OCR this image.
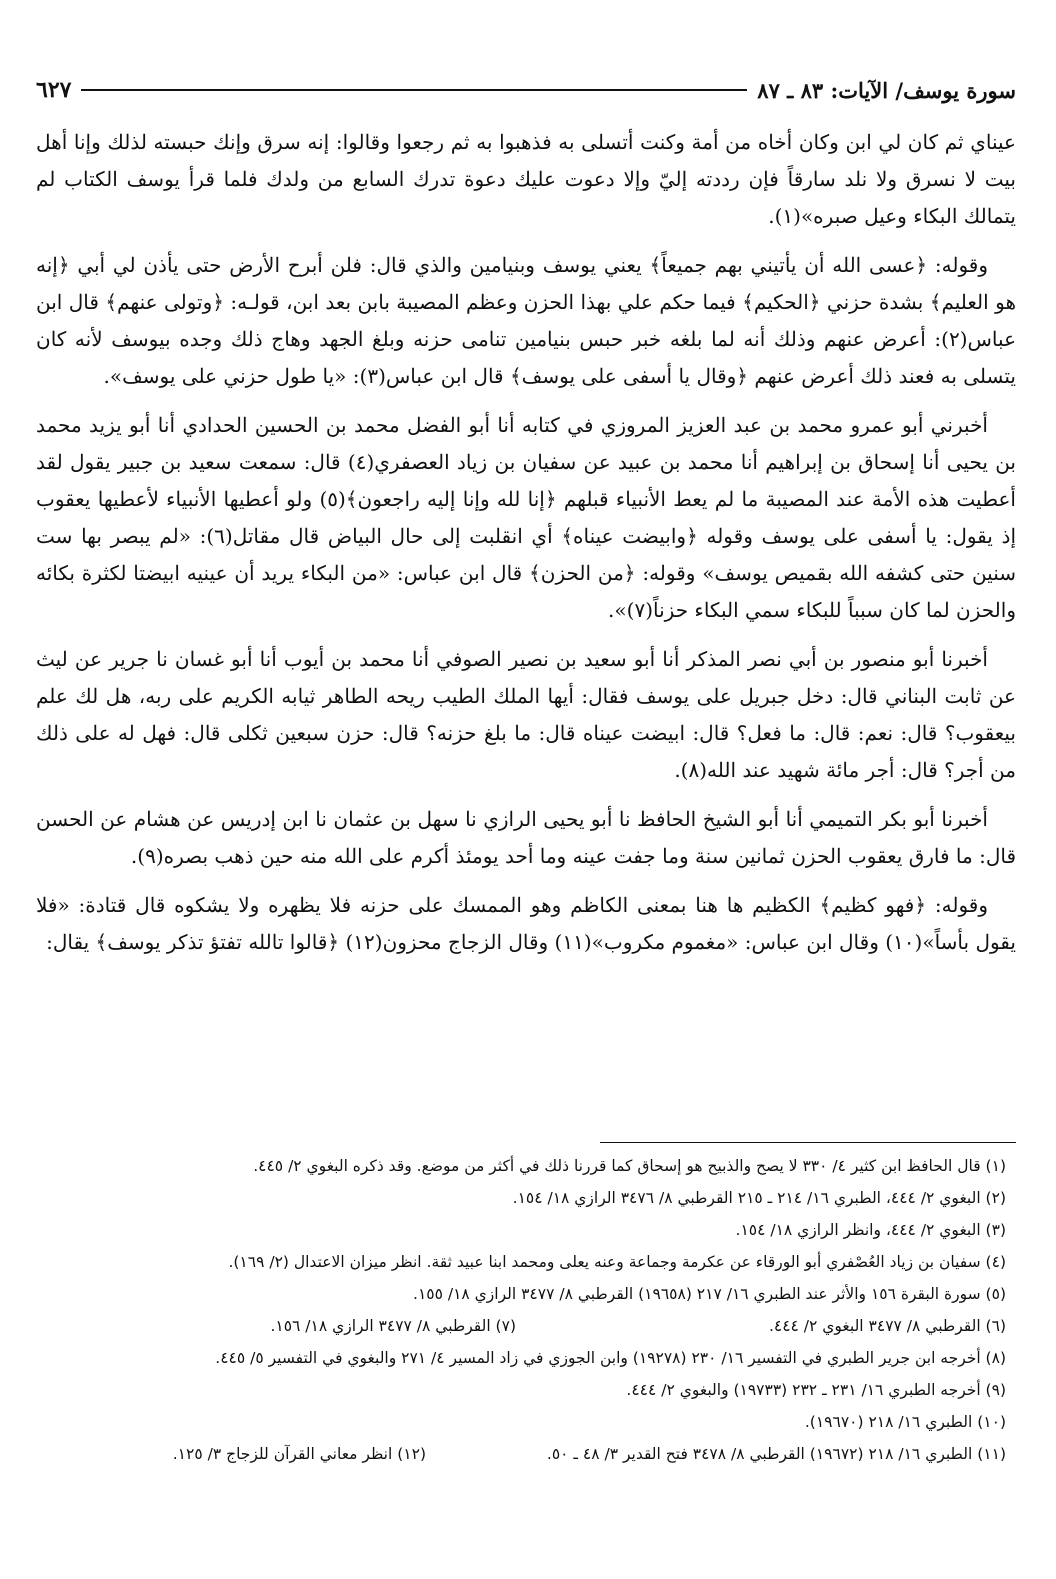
سورة يوسف/ الآيات: ٨٣ ـ ٨٧
٦٢٧

عيناي ثم كان لي ابن وكان أخاه من أمة وكنت أتسلى به فذهبوا به ثم رجعوا وقالوا: إنه سرق وإنك حبسته لذلك وإنا أهل بيت لا نسرق ولا نلد سارقاً فإن رددته إليّ وإلا دعوت عليك دعوة تدرك السابع من ولدك فلما قرأ يوسف الكتاب لم يتمالك البكاء وعيل صبره»(١).

وقوله: ﴿عسى الله أن يأتيني بهم جميعاً﴾ يعني يوسف وبنيامين والذي قال: فلن أبرح الأرض حتى يأذن لي أبي ﴿إنه هو العليم﴾ بشدة حزني ﴿الحكيم﴾ فيما حكم علي بهذا الحزن وعظم المصيبة بابن بعد ابن، قولـه: ﴿وتولى عنهم﴾ قال ابن عباس(٢): أعرض عنهم وذلك أنه لما بلغه خبر حبس بنيامين تنامى حزنه وبلغ الجهد وهاج ذلك وجده بيوسف لأنه كان يتسلى به فعند ذلك أعرض عنهم ﴿وقال يا أسفى على يوسف﴾ قال ابن عباس(٣): «يا طول حزني على يوسف».

أخبرني أبو عمرو محمد بن عبد العزيز المروزي في كتابه أنا أبو الفضل محمد بن الحسين الحدادي أنا أبو يزيد محمد بن يحيى أنا إسحاق بن إبراهيم أنا محمد بن عبيد عن سفيان بن زياد العصفري(٤) قال: سمعت سعيد بن جبير يقول لقد أعطيت هذه الأمة عند المصيبة ما لم يعط الأنبياء قبلهم ﴿إنا لله وإنا إليه راجعون﴾(٥) ولو أعطيها الأنبياء لأعطيها يعقوب إذ يقول: يا أسفى على يوسف وقوله ﴿وابيضت عيناه﴾ أي انقلبت إلى حال البياض قال مقاتل(٦): «لم يبصر بها ست سنين حتى كشفه الله بقميص يوسف» وقوله: ﴿من الحزن﴾ قال ابن عباس: «من البكاء يريد أن عينيه ابيضتا لكثرة بكائه والحزن لما كان سبباً للبكاء سمي البكاء حزناً(٧)».

أخبرنا أبو منصور بن أبي نصر المذكر أنا أبو سعيد بن نصير الصوفي أنا محمد بن أيوب أنا أبو غسان نا جرير عن ليث عن ثابت البناني قال: دخل جبريل على يوسف فقال: أيها الملك الطيب ريحه الطاهر ثيابه الكريم على ربه، هل لك علم بيعقوب؟ قال: نعم: قال: ما فعل؟ قال: ابيضت عيناه قال: ما بلغ حزنه؟ قال: حزن سبعين ثكلى قال: فهل له على ذلك من أجر؟ قال: أجر مائة شهيد عند الله(٨).

أخبرنا أبو بكر التميمي أنا أبو الشيخ الحافظ نا أبو يحيى الرازي نا سهل بن عثمان نا ابن إدريس عن هشام عن الحسن قال: ما فارق يعقوب الحزن ثمانين سنة وما جفت عينه وما أحد يومئذ أكرم على الله منه حين ذهب بصره(٩).

وقوله: ﴿فهو كظيم﴾ الكظيم ها هنا بمعنى الكاظم وهو الممسك على حزنه فلا يظهره ولا يشكوه قال قتادة: «فلا يقول بأساً»(١٠) وقال ابن عباس: «مغموم مكروب»(١١) وقال الزجاج محزون(١٢) ﴿قالوا تالله تفتؤ تذكر يوسف﴾ يقال:

(١) قال الحافظ ابن كثير ٤/ ٣٣٠ لا يصح والذبيح هو إسحاق كما قررنا ذلك في أكثر من موضع. وقد ذكره البغوي ٢/ ٤٤٥.
(٢) البغوي ٢/ ٤٤٤، الطبري ١٦/ ٢١٤ ـ ٢١٥ القرطبي ٨/ ٣٤٧٦ الرازي ١٨/ ١٥٤.
(٣) البغوي ٢/ ٤٤٤، وانظر الرازي ١٨/ ١٥٤.
(٤) سفيان بن زياد العُصْفري أبو الورقاء عن عكرمة وجماعة وعنه يعلى ومحمد ابنا عبيد ثقة. انظر ميزان الاعتدال (٢/ ١٦٩).
(٥) سورة البقرة ١٥٦ والأثر عند الطبري ١٦/ ٢١٧ (١٩٦٥٨) القرطبي ٨/ ٣٤٧٧ الرازي ١٨/ ١٥٥.
(٦) القرطبي ٨/ ٣٤٧٧ البغوي ٢/ ٤٤٤.
(٧) القرطبي ٨/ ٣٤٧٧ الرازي ١٨/ ١٥٦.
(٨) أخرجه ابن جرير الطبري في التفسير ١٦/ ٢٣٠ (١٩٢٧٨) وابن الجوزي في زاد المسير ٤/ ٢٧١ والبغوي في التفسير ٥/ ٤٤٥.
(٩) أخرجه الطبري ١٦/ ٢٣١ ـ ٢٣٢ (١٩٧٣٣) والبغوي ٢/ ٤٤٤.
(١٠) الطبري ١٦/ ٢١٨ (١٩٦٧٠).
(١١) الطبري ١٦/ ٢١٨ (١٩٦٧٢) القرطبي ٨/ ٣٤٧٨ فتح القدير ٣/ ٤٨ ـ ٥٠.
(١٢) انظر معاني القرآن للزجاج ٣/ ١٢٥.
